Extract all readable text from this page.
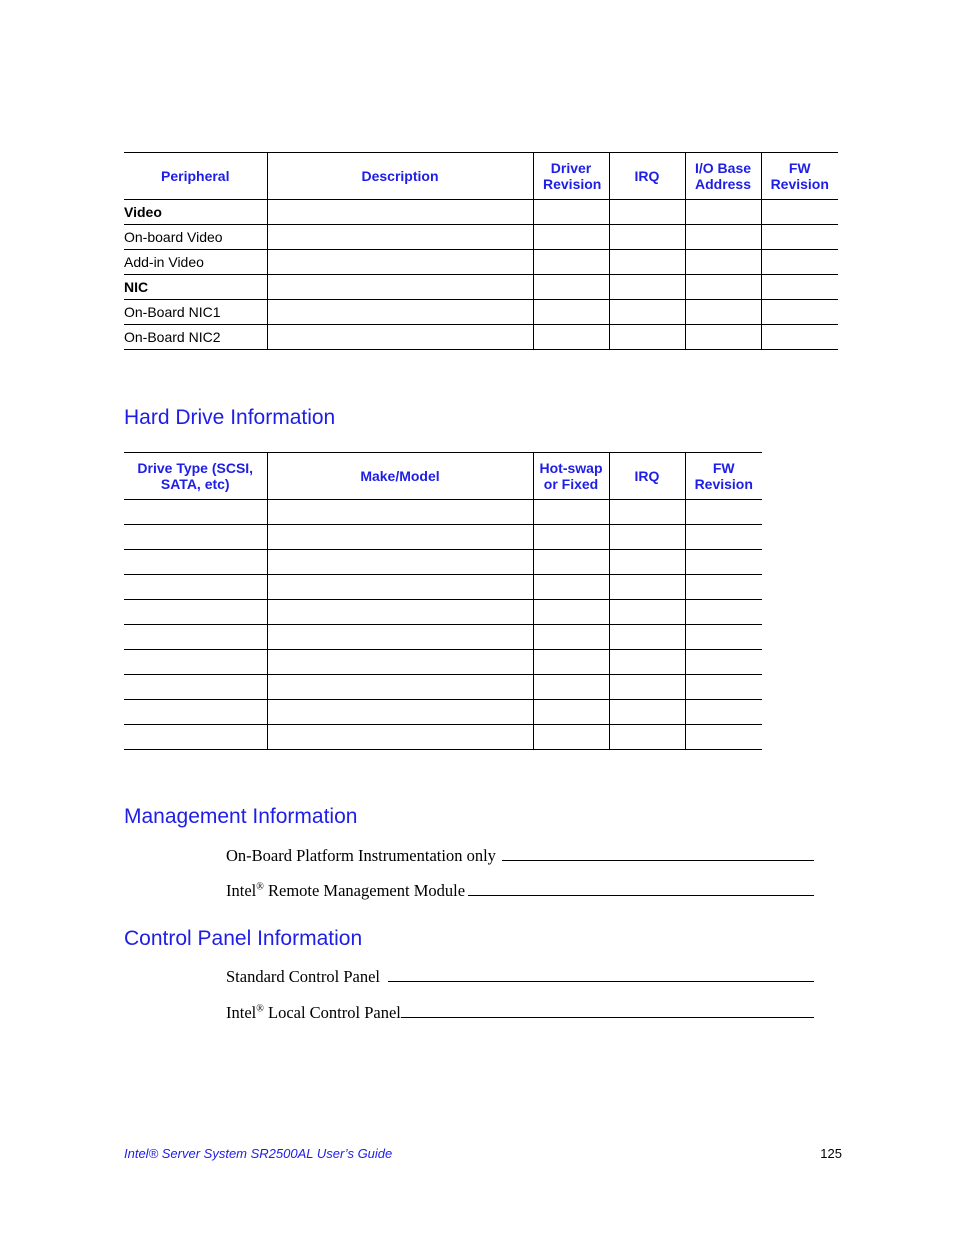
Peripheral	Description	Driver Revision	IRQ	I/O Base Address	FW Revision

Video					
On-board Video					
Add-in Video					
NIC					
On-Board NIC1					
On-Board NIC2					
Hard Drive Information
Drive Type (SCSI, SATA, etc)	Make/Model	Hot-swap or Fixed	IRQ	FW Revision

Management Information
On-Board Platform Instrumentation only
Intel® Remote Management Module
Control Panel Information
Standard Control Panel
Intel® Local Control Panel
Intel® Server System SR2500AL User’s Guide	125
